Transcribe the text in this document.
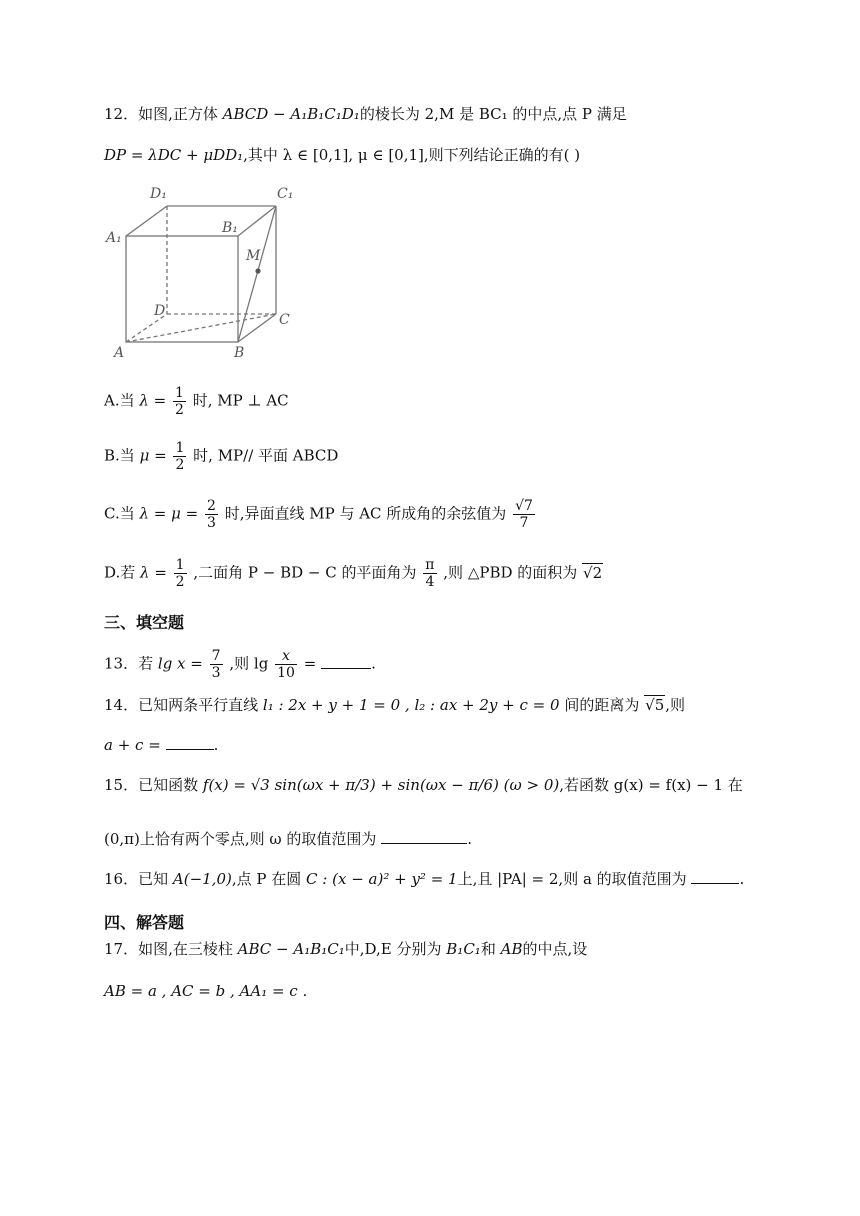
12．如图,正方体 ABCD − A₁B₁C₁D₁的棱长为 2,M 是 BC₁ 的中点,点 P 满足
DP = λDC + μDD₁,其中 λ ∈ [0,1], μ ∈ [0,1],则下列结论正确的有( )
D₁	C₁
A₁
B₁
M
D
C
A	B
A.当 $\lambda = \frac{1}{2}$ 时, MP ⊥ AC
B.当 $\mu = \frac{1}{2}$ 时, MP// 平面 ABCD
C.当 $\lambda = \mu = \frac{2}{3}$ 时,异面直线 MP 与 AC 所成角的余弦值为 $\frac{√7}{7}$
D.若 $\lambda = \frac{1}{2}$ ,二面角 P − BD − C 的平面角为 $\frac{\pi}{4}$ ,则 △PBD 的面积为 √2
三、填空题
13．若 $\lg x = \frac{7}{3}$ ,则 $\lg \frac{x}{10}$ =	.
14．已知两条平行直线 l₁ : 2x + y + 1 = 0 , l₂ : ax + 2y + c = 0 间的距离为 √5,则
a + c =	.
15．已知函数 f(x) = √3 sin(ωx + π/3) + sin(ωx − π/6) (ω > 0),若函数 g(x) = f(x) − 1 在
(0,π)上恰有两个零点,则 ω 的取值范围为	.
16．已知 A(−1,0),点 P 在圆 C : (x − a)² + y² = 1上,且 |PA| = 2,则 a 的取值范围为	.
四、解答题
17．如图,在三棱柱 ABC − A₁B₁C₁中,D,E 分别为 B₁C₁和 AB的中点,设
AB = a , AC = b , AA₁ = c .
